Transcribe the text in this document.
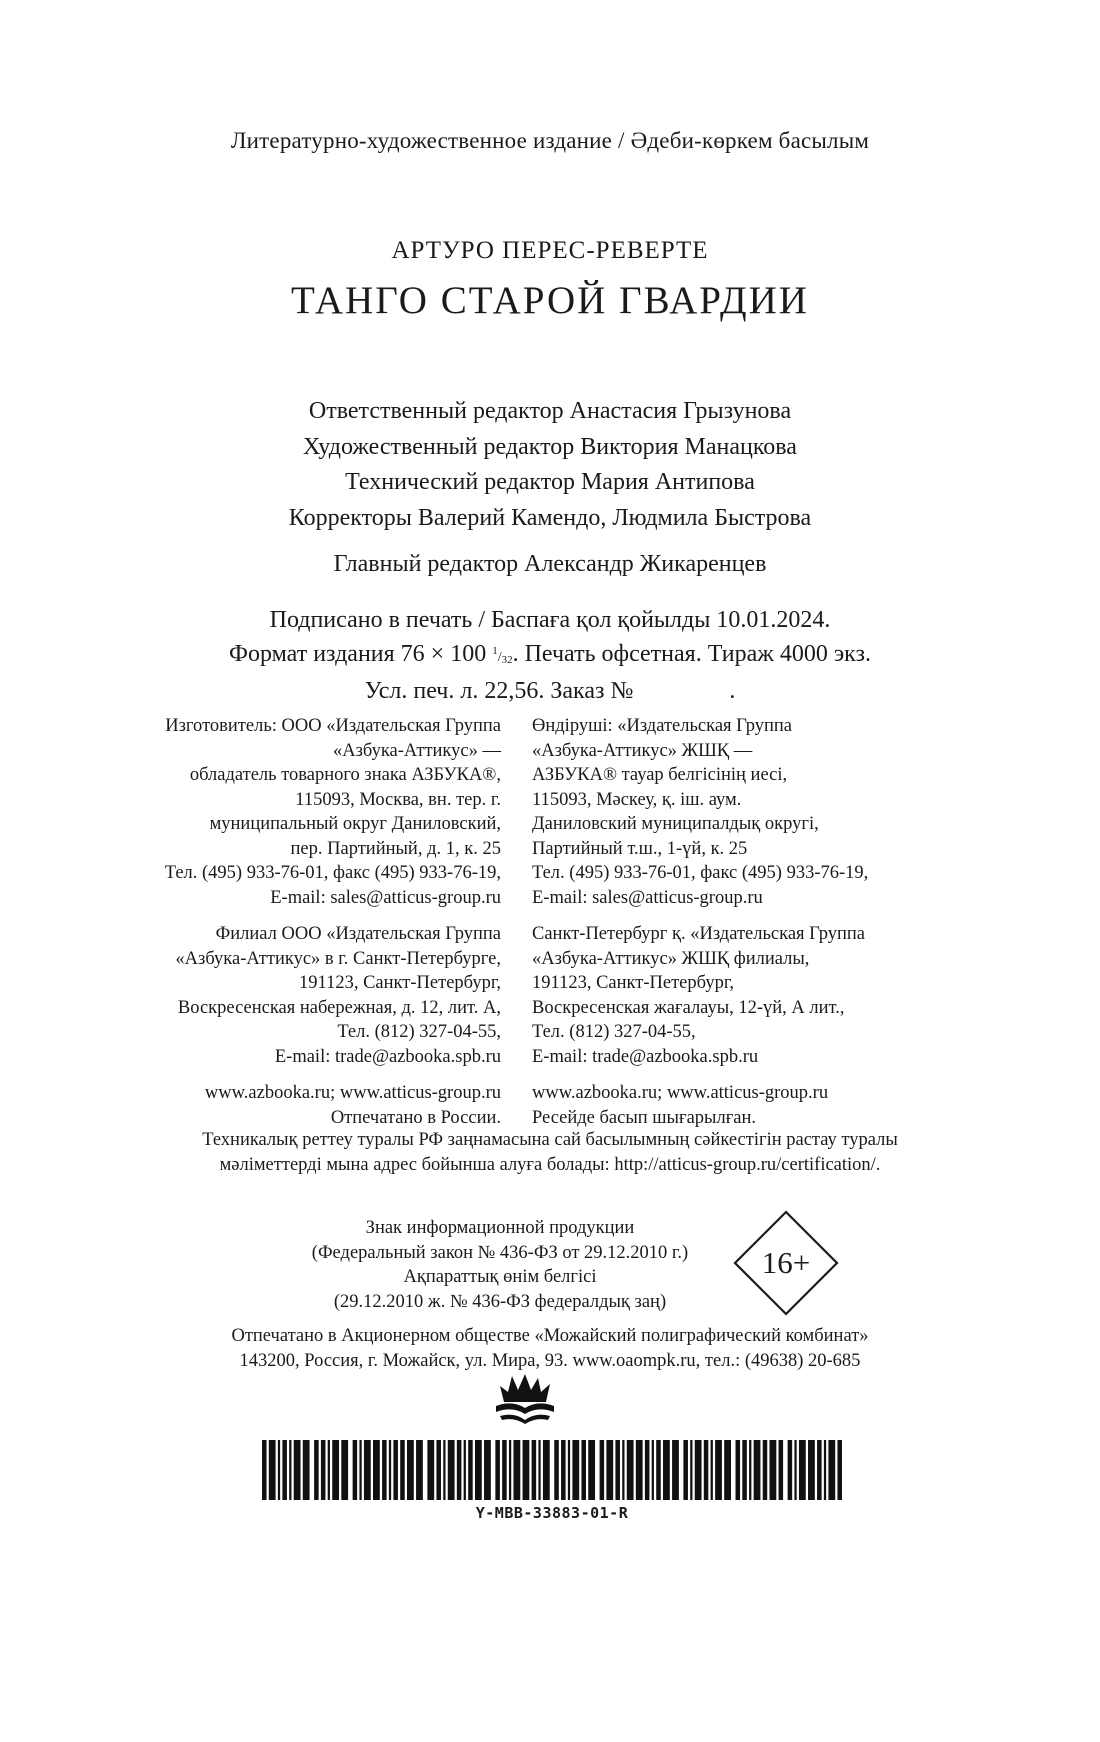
Литературно-художественное издание / Әдеби-көркем басылым
АРТУРО ПЕРЕС-РЕВЕРТЕ
ТАНГО СТАРОЙ ГВАРДИИ
Ответственный редактор Анастасия Грызунова
Художественный редактор Виктория Манацкова
Технический редактор Мария Антипова
Корректоры Валерий Камендо, Людмила Быстрова
Главный редактор Александр Жикаренцев
Подписано в печать / Баспаға қол қойылды 10.01.2024.
Формат издания 76 × 100 $^1/_{32}$. Печать офсетная. Тираж 4000 экз.
Усл. печ. л. 22,56. Заказ №                .
Изготовитель: ООО «Издательская Группа
«Азбука-Аттикус» —
обладатель товарного знака АЗБУКА®,
115093, Москва, вн. тер. г.
муниципальный округ Даниловский,
пер. Партийный, д. 1, к. 25
Тел. (495) 933-76-01, факс (495) 933-76-19,
E-mail: sales@atticus-group.ru
Филиал ООО «Издательская Группа
«Азбука-Аттикус» в г. Санкт-Петербурге,
191123, Санкт-Петербург,
Воскресенская набережная, д. 12, лит. А,
Тел. (812) 327-04-55,
E-mail: trade@azbooka.spb.ru
www.azbooka.ru; www.atticus-group.ru
Отпечатано в России.
Өндіруші: «Издательская Группа
«Азбука-Аттикус» ЖШҚ —
АЗБУКА® тауар белгісінің иесі,
115093, Мәскеу, қ. іш. аум.
Даниловский муниципалдық округі,
Партийный т.ш., 1-үй, к. 25
Тел. (495) 933-76-01, факс (495) 933-76-19,
E-mail: sales@atticus-group.ru
Санкт-Петербург қ. «Издательская Группа
«Азбука-Аттикус» ЖШҚ филиалы,
191123, Санкт-Петербург,
Воскресенская жағалауы, 12-үй, А лит.,
Тел. (812) 327-04-55,
E-mail: trade@azbooka.spb.ru
www.azbooka.ru; www.atticus-group.ru
Ресейде басып шығарылған.
Техникалық реттеу туралы РФ заңнамасына сай басылымның сәйкестігін растау туралы
мәліметтерді мына адрес бойынша алуға болады: http://atticus-group.ru/certification/.
Знак информационной продукции
(Федеральный закон № 436-ФЗ от 29.12.2010 г.)
Ақпараттық өнім белгісі
(29.12.2010 ж. № 436-ФЗ федералдық заң)
16+
Отпечатано в Акционерном обществе «Можайский полиграфический комбинат»
143200, Россия, г. Можайск, ул. Мира, 93. www.oaompk.ru, тел.: (49638) 20-685
Y-MBB-33883-01-R
